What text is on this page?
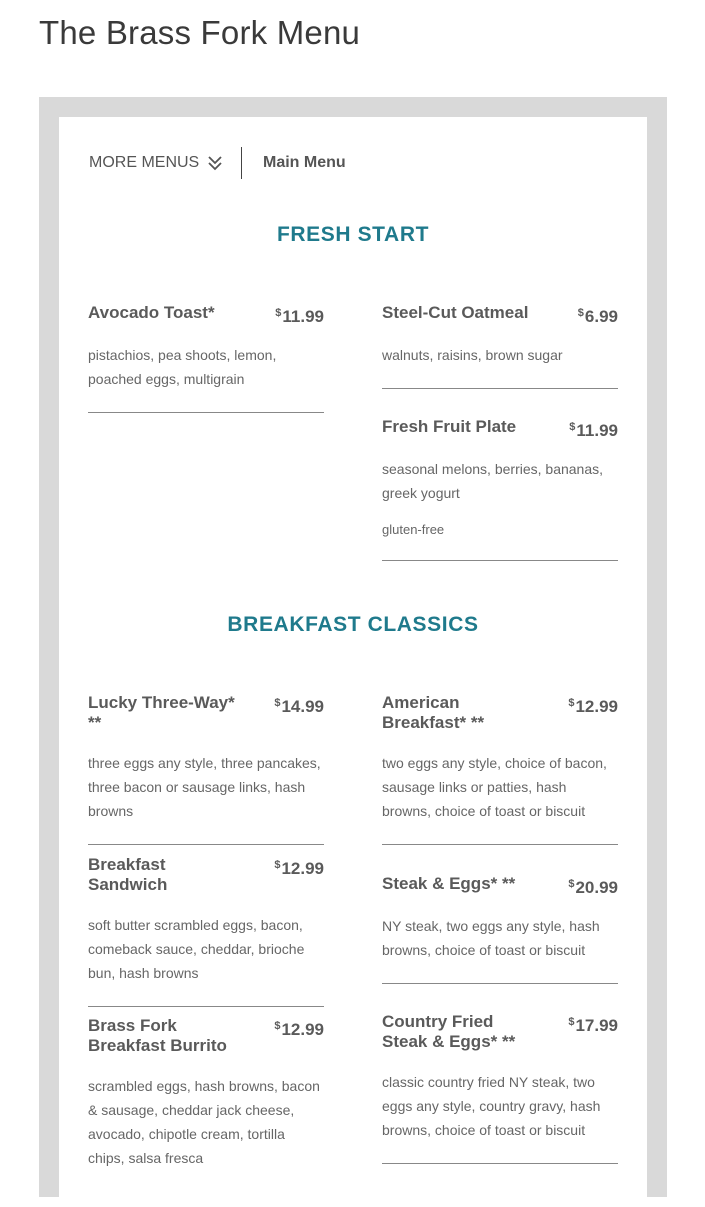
The Brass Fork Menu
MORE MENUS	Main Menu
FRESH START
Avocado Toast*	$11.99
pistachios, pea shoots, lemon, poached eggs, multigrain
Steel-Cut Oatmeal	$6.99
walnuts, raisins, brown sugar
Fresh Fruit Plate	$11.99
seasonal melons, berries, bananas, greek yogurt
gluten-free
BREAKFAST CLASSICS
Lucky Three-Way* **
$14.99
three eggs any style, three pancakes, three bacon or sausage links, hash browns
American Breakfast* **
$12.99
two eggs any style, choice of bacon, sausage links or patties, hash browns, choice of toast or biscuit
Breakfast Sandwich
$12.99
soft butter scrambled eggs, bacon, comeback sauce, cheddar, brioche bun, hash browns
Steak & Eggs* **	$20.99
NY steak, two eggs any style, hash browns, choice of toast or biscuit
Brass Fork Breakfast Burrito
$12.99
scrambled eggs, hash browns, bacon & sausage, cheddar jack cheese, avocado, chipotle cream, tortilla chips, salsa fresca
Country Fried Steak & Eggs* **
$17.99
classic country fried NY steak, two eggs any style, country gravy, hash browns, choice of toast or biscuit
